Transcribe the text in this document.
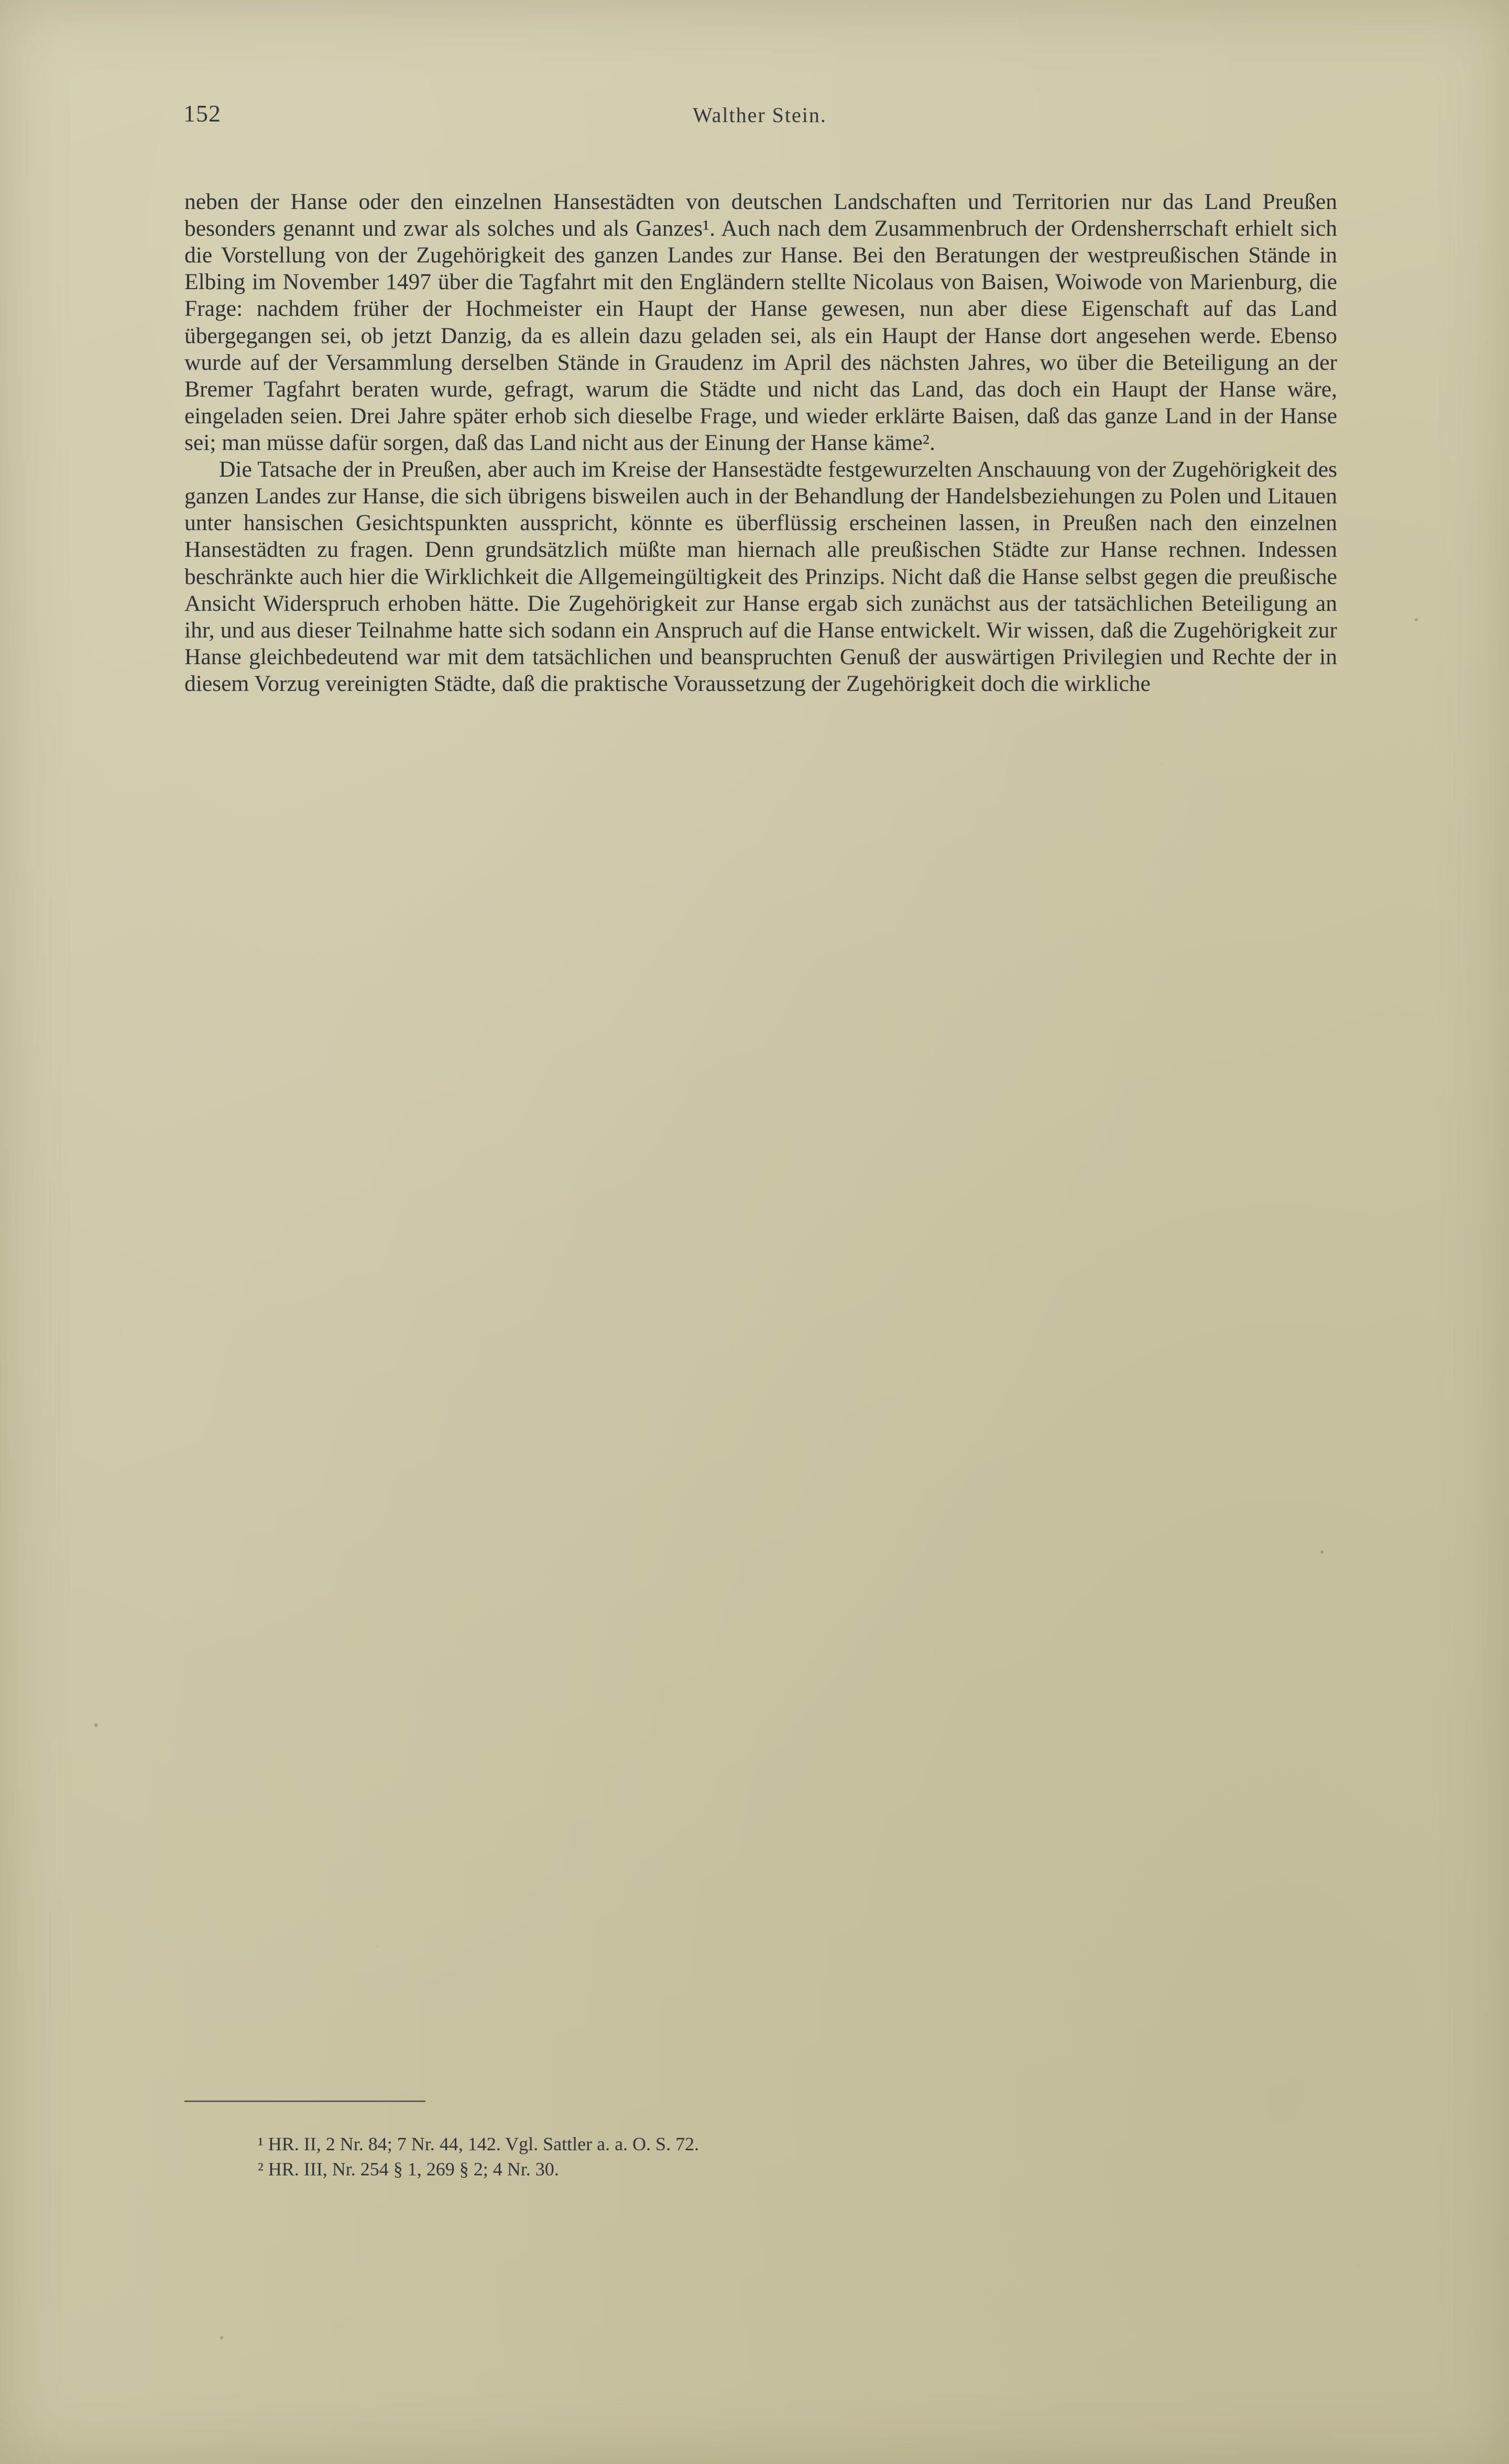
152	Walther Stein.

neben der Hanse oder den einzelnen Hansestädten von deutschen Landschaften und Territorien nur das Land Preußen besonders genannt und zwar als solches und als Ganzes¹. Auch nach dem Zusammenbruch der Ordensherrschaft erhielt sich die Vorstellung von der Zugehörigkeit des ganzen Landes zur Hanse. Bei den Beratungen der westpreußischen Stände in Elbing im November 1497 über die Tagfahrt mit den Engländern stellte Nicolaus von Baisen, Woiwode von Marienburg, die Frage: nachdem früher der Hochmeister ein Haupt der Hanse gewesen, nun aber diese Eigenschaft auf das Land übergegangen sei, ob jetzt Danzig, da es allein dazu geladen sei, als ein Haupt der Hanse dort angesehen werde. Ebenso wurde auf der Versammlung derselben Stände in Graudenz im April des nächsten Jahres, wo über die Beteiligung an der Bremer Tagfahrt beraten wurde, gefragt, warum die Städte und nicht das Land, das doch ein Haupt der Hanse wäre, eingeladen seien. Drei Jahre später erhob sich dieselbe Frage, und wieder erklärte Baisen, daß das ganze Land in der Hanse sei; man müsse dafür sorgen, daß das Land nicht aus der Einung der Hanse käme².

Die Tatsache der in Preußen, aber auch im Kreise der Hansestädte festgewurzelten Anschauung von der Zugehörigkeit des ganzen Landes zur Hanse, die sich übrigens bisweilen auch in der Behandlung der Handelsbeziehungen zu Polen und Litauen unter hansischen Gesichtspunkten ausspricht, könnte es überflüssig erscheinen lassen, in Preußen nach den einzelnen Hansestädten zu fragen. Denn grundsätzlich müßte man hiernach alle preußischen Städte zur Hanse rechnen. Indessen beschränkte auch hier die Wirklichkeit die Allgemeingültigkeit des Prinzips. Nicht daß die Hanse selbst gegen die preußische Ansicht Widerspruch erhoben hätte. Die Zugehörigkeit zur Hanse ergab sich zunächst aus der tatsächlichen Beteiligung an ihr, und aus dieser Teilnahme hatte sich sodann ein Anspruch auf die Hanse entwickelt. Wir wissen, daß die Zugehörigkeit zur Hanse gleichbedeutend war mit dem tatsächlichen und beanspruchten Genuß der auswärtigen Privilegien und Rechte der in diesem Vorzug vereinigten Städte, daß die praktische Voraussetzung der Zugehörigkeit doch die wirkliche

¹ HR. II, 2 Nr. 84; 7 Nr. 44, 142. Vgl. Sattler a. a. O. S. 72.
² HR. III, Nr. 254 § 1, 269 § 2; 4 Nr. 30.
